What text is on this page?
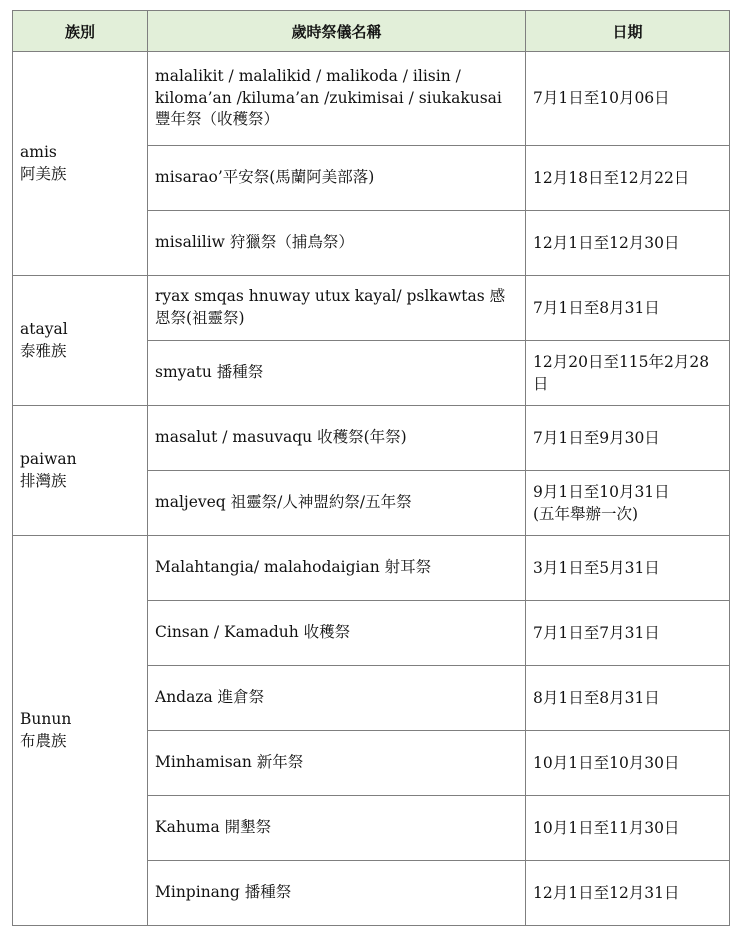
族別	歲時祭儀名稱	日期

amis
阿美族	malalikit / malalikid / malikoda / ilisin / kiloma’an /kiluma’an /zukimisai / siukakusai 豐年祭（收穫祭）	7月1日至10月06日
	misarao’平安祭(馬蘭阿美部落)	12月18日至12月22日
	misaliliw 狩獵祭（捕鳥祭）	12月1日至12月30日

atayal
泰雅族	ryax smqas hnuway utux kayal/ pslkawtas 感恩祭(祖靈祭)	7月1日至8月31日
	smyatu 播種祭	12月20日至115年2月28日

paiwan
排灣族	masalut / masuvaqu 收穫祭(年祭)	7月1日至9月30日
	maljeveq 祖靈祭/人神盟約祭/五年祭	9月1日至10月31日
(五年舉辦一次)

Bunun
布農族	Malahtangia/ malahodaigian 射耳祭	3月1日至5月31日
	Cinsan / Kamaduh 收穫祭	7月1日至7月31日
	Andaza 進倉祭	8月1日至8月31日
	Minhamisan 新年祭	10月1日至10月30日
	Kahuma 開墾祭	10月1日至11月30日
	Minpinang 播種祭	12月1日至12月31日
